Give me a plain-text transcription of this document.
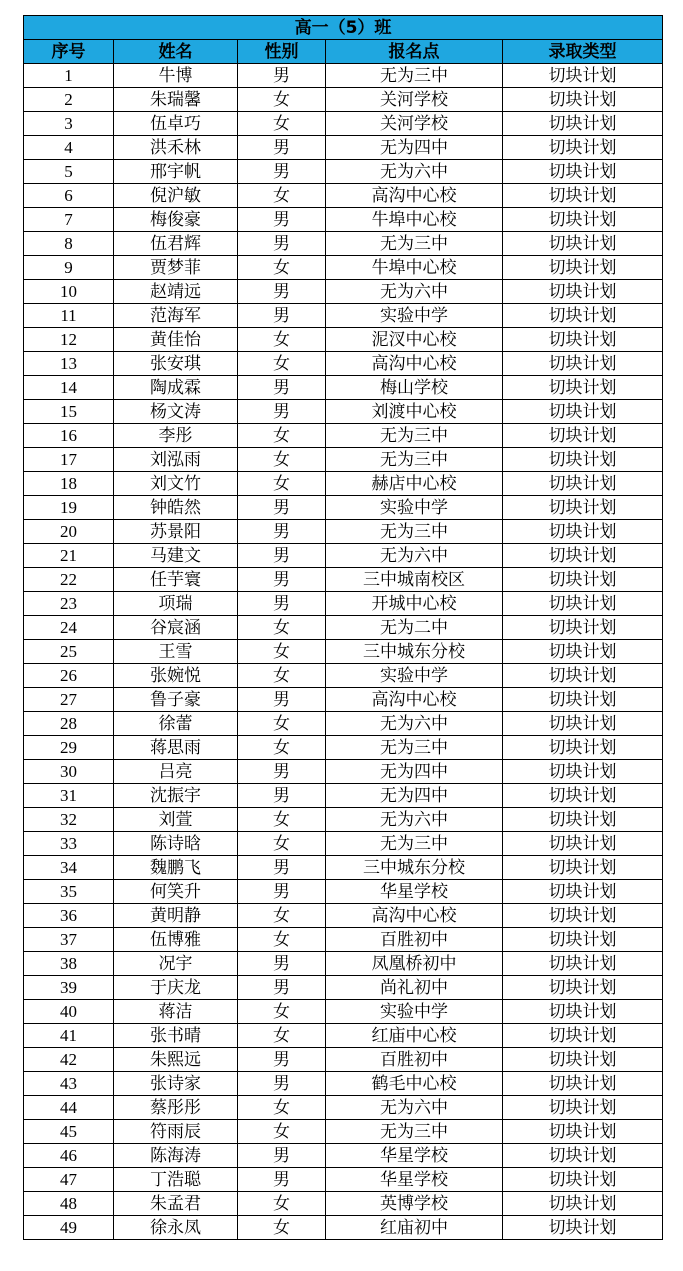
高一（5）班				
序号	姓名	性别	报名点	录取类型
1	牛博	男	无为三中	切块计划
2	朱瑞馨	女	关河学校	切块计划
3	伍卓巧	女	关河学校	切块计划
4	洪禾林	男	无为四中	切块计划
5	邢宇帆	男	无为六中	切块计划
6	倪沪敏	女	高沟中心校	切块计划
7	梅俊豪	男	牛埠中心校	切块计划
8	伍君辉	男	无为三中	切块计划
9	贾梦菲	女	牛埠中心校	切块计划
10	赵靖远	男	无为六中	切块计划
11	范海军	男	实验中学	切块计划
12	黄佳怡	女	泥汊中心校	切块计划
13	张安琪	女	高沟中心校	切块计划
14	陶成霖	男	梅山学校	切块计划
15	杨文涛	男	刘渡中心校	切块计划
16	李彤	女	无为三中	切块计划
17	刘泓雨	女	无为三中	切块计划
18	刘文竹	女	赫店中心校	切块计划
19	钟皓然	男	实验中学	切块计划
20	苏景阳	男	无为三中	切块计划
21	马建文	男	无为六中	切块计划
22	任芋寰	男	三中城南校区	切块计划
23	项瑞	男	开城中心校	切块计划
24	谷宸涵	女	无为二中	切块计划
25	王雪	女	三中城东分校	切块计划
26	张婉悦	女	实验中学	切块计划
27	鲁子豪	男	高沟中心校	切块计划
28	徐蕾	女	无为六中	切块计划
29	蒋思雨	女	无为三中	切块计划
30	吕亮	男	无为四中	切块计划
31	沈振宇	男	无为四中	切块计划
32	刘萱	女	无为六中	切块计划
33	陈诗晗	女	无为三中	切块计划
34	魏鹏飞	男	三中城东分校	切块计划
35	何笑升	男	华星学校	切块计划
36	黄明静	女	高沟中心校	切块计划
37	伍博雅	女	百胜初中	切块计划
38	况宇	男	凤凰桥初中	切块计划
39	于庆龙	男	尚礼初中	切块计划
40	蒋洁	女	实验中学	切块计划
41	张书晴	女	红庙中心校	切块计划
42	朱熙远	男	百胜初中	切块计划
43	张诗家	男	鹤毛中心校	切块计划
44	蔡彤彤	女	无为六中	切块计划
45	符雨辰	女	无为三中	切块计划
46	陈海涛	男	华星学校	切块计划
47	丁浩聪	男	华星学校	切块计划
48	朱孟君	女	英博学校	切块计划
49	徐永凤	女	红庙初中	切块计划
